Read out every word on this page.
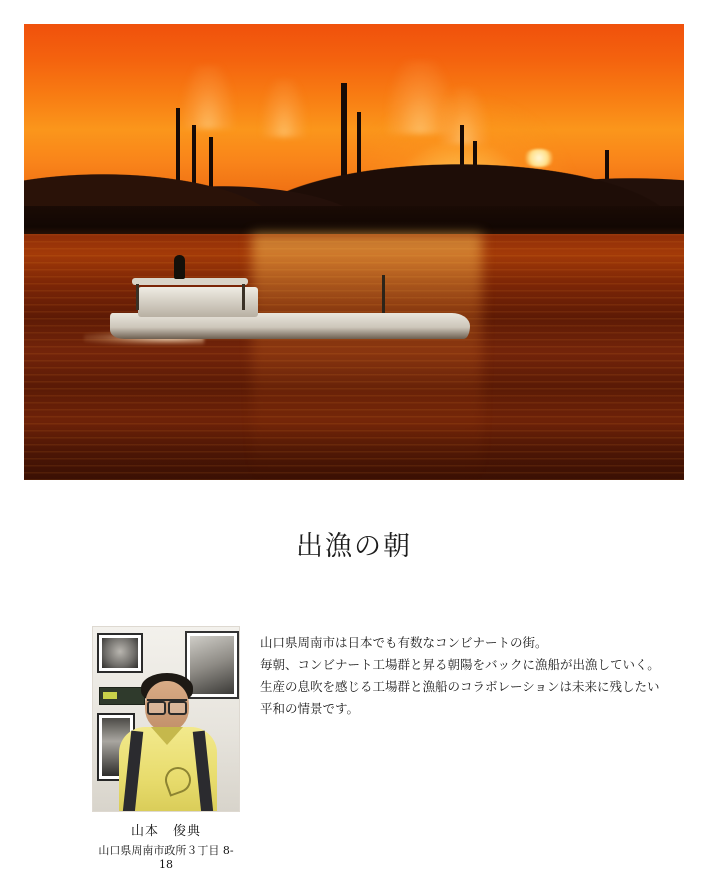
出漁の朝
山本　俊典
山口県周南市政所３丁目 8-18

山口県周南市は日本でも有数なコンビナートの街。

毎朝、コンビナート工場群と昇る朝陽をバックに漁船が出漁していく。

生産の息吹を感じる工場群と漁船のコラボレーションは未来に残したい

平和の情景です。
